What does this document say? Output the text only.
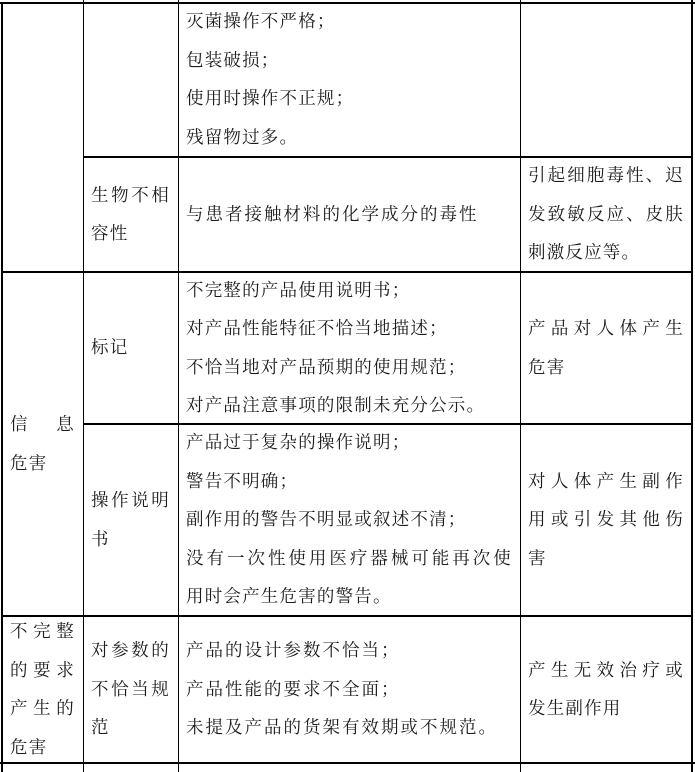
灭菌操作不严格；
包装破损；
使用时操作不正规；
残留物过多。
生物不相
容性
与患者接触材料的化学成分的毒性
引起细胞毒性、迟
发致敏反应、皮肤
刺激反应等。
信息
危害
标记
不完整的产品使用说明书；
对产品性能特征不恰当地描述；
不恰当地对产品预期的使用规范；
对产品注意事项的限制未充分公示。
产品对人体产生
危害
操作说明
书
产品过于复杂的操作说明；
警告不明确；
副作用的警告不明显或叙述不清；
没有一次性使用医疗器械可能再次使
用时会产生危害的警告。
对人体产生副作
用或引发其他伤
害
不完整
的要求
产生的
危害
对参数的
不恰当规
范
产品的设计参数不恰当；
产品性能的要求不全面；
未提及产品的货架有效期或不规范。
产生无效治疗或
发生副作用
